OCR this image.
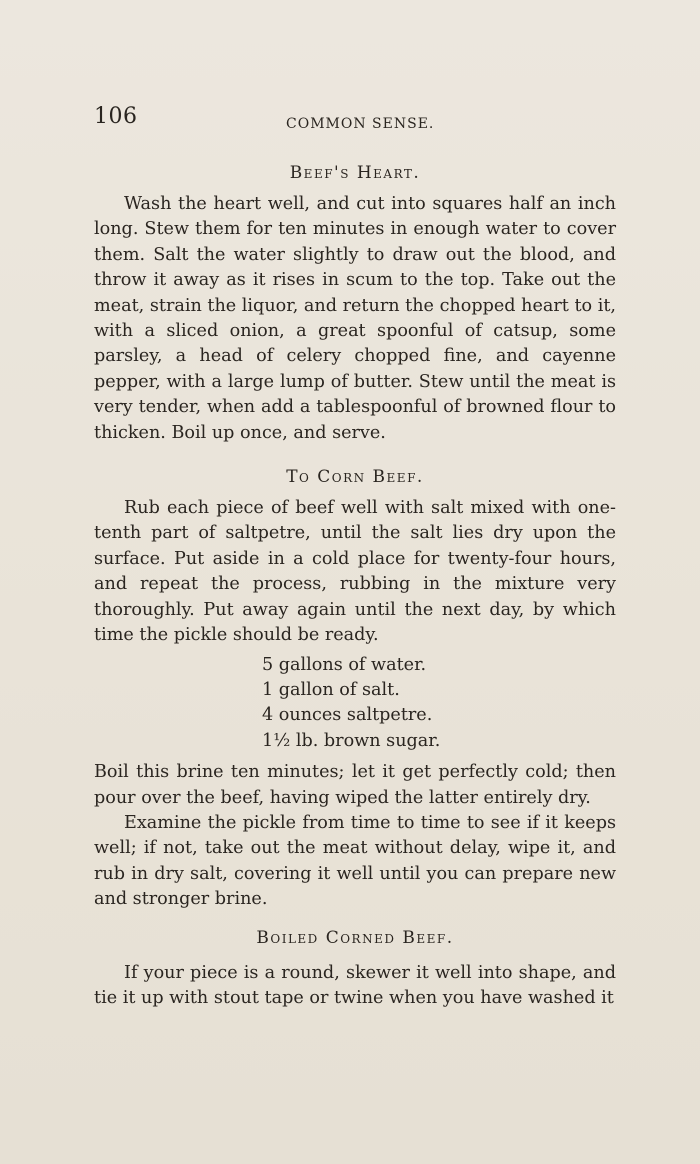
106	COMMON SENSE.
Beef's Heart.

Wash the heart well, and cut into squares half an inch long. Stew them for ten minutes in enough water to cover them. Salt the water slightly to draw out the blood, and throw it away as it rises in scum to the top. Take out the meat, strain the liquor, and return the chopped heart to it, with a sliced onion, a great spoonful of catsup, some parsley, a head of celery chopped fine, and cayenne pepper, with a large lump of butter. Stew until the meat is very tender, when add a tablespoonful of browned flour to thicken. Boil up once, and serve.

To Corn Beef.

Rub each piece of beef well with salt mixed with one-tenth part of saltpetre, until the salt lies dry upon the surface. Put aside in a cold place for twenty-four hours, and repeat the process, rubbing in the mixture very thoroughly. Put away again until the next day, by which time the pickle should be ready.

5 gallons of water.
1 gallon of salt.
4 ounces saltpetre.
1½ lb. brown sugar.

Boil this brine ten minutes; let it get perfectly cold; then pour over the beef, having wiped the latter entirely dry.

Examine the pickle from time to time to see if it keeps well; if not, take out the meat without delay, wipe it, and rub in dry salt, covering it well until you can prepare new and stronger brine.

Boiled Corned Beef.

If your piece is a round, skewer it well into shape, and tie it up with stout tape or twine when you have washed it
